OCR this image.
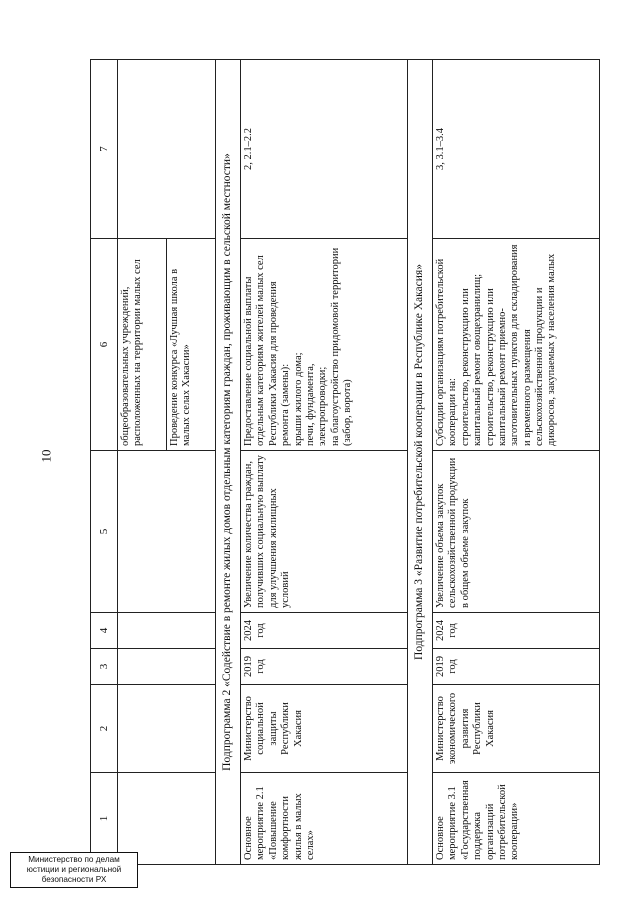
10
1	2	3	4	5	6	7
					общеобразовательных учреждений, расположенных на территории малых сел	
					Проведение конкурса «Лучшая школа в малых селах Хакасии»	
Подпрограмма 2 «Содействие в ремонте жилых домов отдельным категориям граждан, проживающим в сельской местности»						
Основное мероприятие 2.1 «Повышение комфортности жилья в малых селах»	Министерство социальной защиты Республики Хакасия	2019 год	2024 год	Увеличение количества граждан, получивших социальную выплату для улучшения жилищных условий	Предоставление социальной выплаты отдельным категориям жителей малых сел Республики Хакасия для проведения ремонта (замены): крыши жилого дома; печи, фундамента, электропроводки; на благоустройство придомовой территории (забор, ворота)	2, 2.1–2.2
Подпрограмма 3 «Развитие потребительской кооперации в Республике Хакасия»						
Основное мероприятие 3.1 «Государственная поддержка организаций потребительской кооперации»	Министерство экономического развития Республики Хакасия	2019 год	2024 год	Увеличение объема закупок сельскохозяйственной продукции в общем объеме закупок	Субсидии организациям потребительской кооперации на: строительство, реконструкцию или капитальный ремонт овощехранилищ; строительство, реконструкцию или капитальный ремонт приемно-заготовительных пунктов для складирования и временного размещения сельскохозяйственной продукции и дикоросов, закупаемых у населения малых	3, 3.1–3.4
Министерство по делам
юстиции и региональной
безопасности РХ
